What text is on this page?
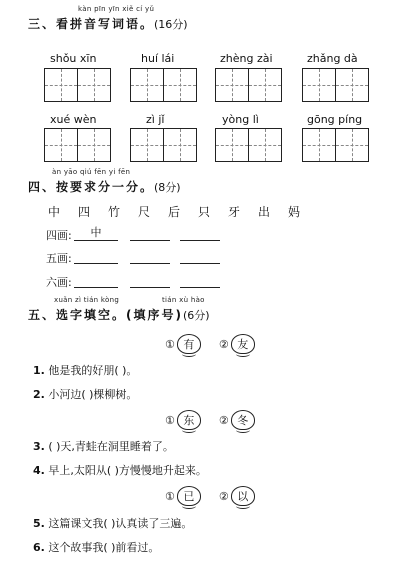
kàn pīn yīn xiě cí yǔ
三、看拼音写词语。(16分)
shǒu xīn	huí lái	zhèng zài	zhǎng dà
xué wèn	zì jǐ	yòng lì	gōng píng
àn yāo qiú fēn yi fēn
四、按要求分一分。(8分)
中四竹尺后只牙出妈
四画:	中
五画:
六画:
xuǎn zì tián kòng	tián xù hào
五、选字填空。(填序号)(6分)
① 有	② 友
1. 他是我的好朋( )。
2. 小河边( )棵柳树。
① 东	② 冬
3. ( )天,青蛙在洞里睡着了。
4. 早上,太阳从( )方慢慢地升起来。
① 已	② 以
5. 这篇课文我( )认真读了三遍。
6. 这个故事我( )前看过。
